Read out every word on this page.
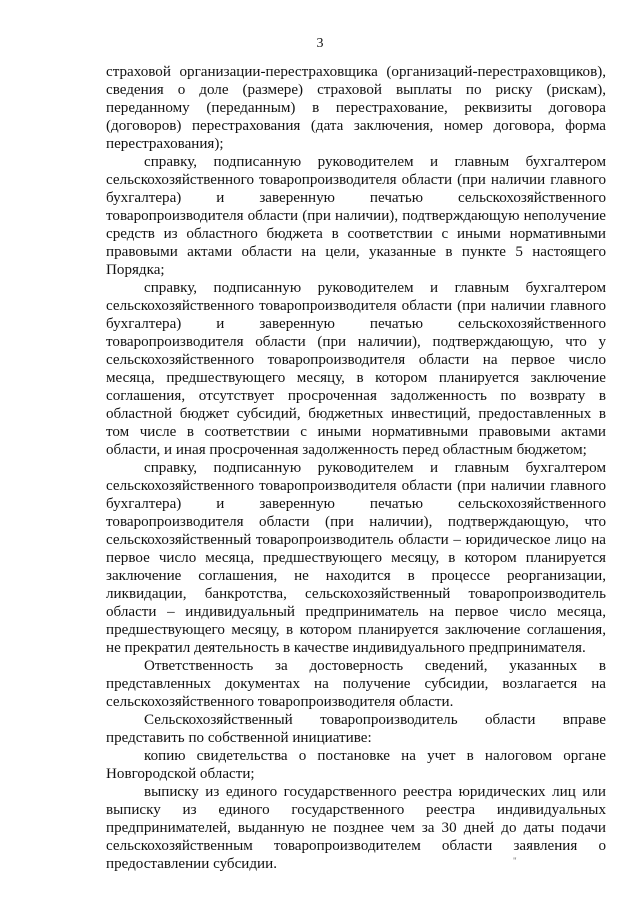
3

страховой организации-перестраховщика (организаций-перестраховщиков), сведения о доле (размере) страховой выплаты по риску (рискам), переданному (переданным) в перестрахование, реквизиты договора (договоров) перестрахования (дата заключения, номер договора, форма перестрахования);

справку, подписанную руководителем и главным бухгалтером сельскохозяйственного товаропроизводителя области (при наличии главного бухгалтера) и заверенную печатью сельскохозяйственного товаропроизводителя области (при наличии), подтверждающую неполучение средств из областного бюджета в соответствии с иными нормативными правовыми актами области на цели, указанные в пункте 5 настоящего Порядка;

справку, подписанную руководителем и главным бухгалтером сельскохозяйственного товаропроизводителя области (при наличии главного бухгалтера) и заверенную печатью сельскохозяйственного товаропроизводителя области (при наличии), подтверждающую, что у сельскохозяйственного товаропроизводителя области на первое число месяца, предшествующего месяцу, в котором планируется заключение соглашения, отсутствует просроченная задолженность по возврату в областной бюджет субсидий, бюджетных инвестиций, предоставленных в том числе в соответствии с иными нормативными правовыми актами области, и иная просроченная задолженность перед областным бюджетом;

справку, подписанную руководителем и главным бухгалтером сельскохозяйственного товаропроизводителя области (при наличии главного бухгалтера) и заверенную печатью сельскохозяйственного товаропроизводителя области (при наличии), подтверждающую, что сельскохозяйственный товаропроизводитель области – юридическое лицо на первое число месяца, предшествующего месяцу, в котором планируется заключение соглашения, не находится в процессе реорганизации, ликвидации, банкротства, сельскохозяйственный товаропроизводитель области – индивидуальный предприниматель на первое число месяца, предшествующего месяцу, в котором планируется заключение соглашения, не прекратил деятельность в качестве индивидуального предпринимателя.

Ответственность за достоверность сведений, указанных в представленных документах на получение субсидии, возлагается на сельскохозяйственного товаропроизводителя области.

Сельскохозяйственный товаропроизводитель области вправе представить по собственной инициативе:

копию свидетельства о постановке на учет в налоговом органе Новгородской области;

выписку из единого государственного реестра юридических лиц или выписку из единого государственного реестра индивидуальных предпринимателей, выданную не позднее чем за 30 дней до даты подачи сельскохозяйственным товаропроизводителем области заявления о предоставлении субсидии.	"
